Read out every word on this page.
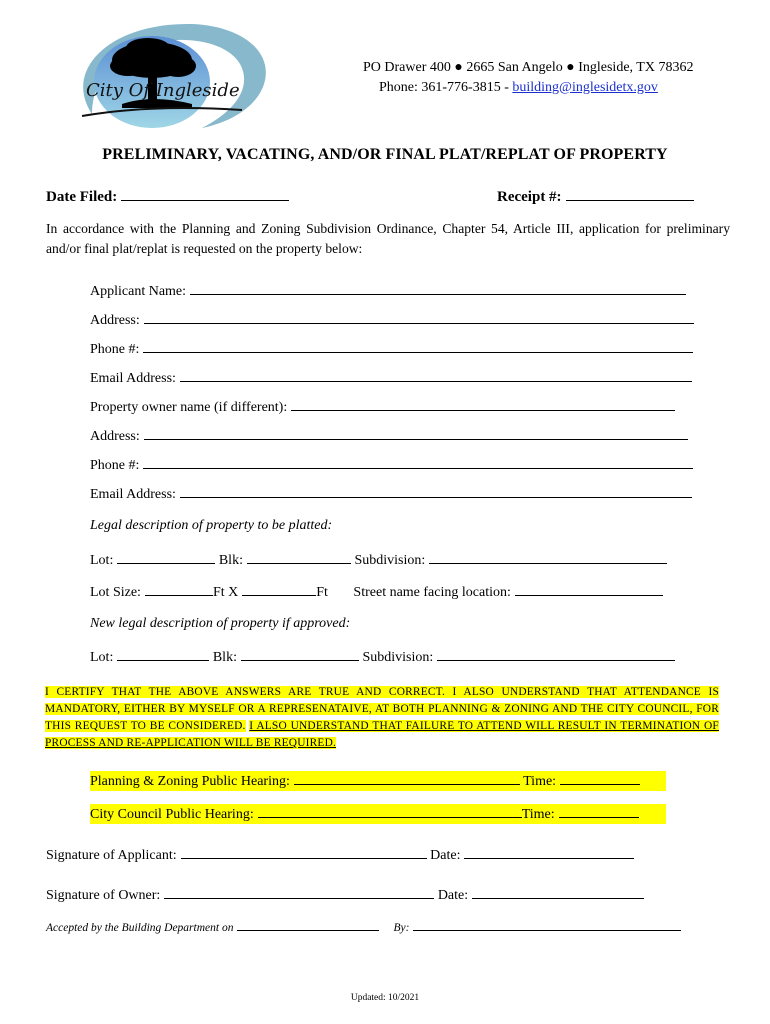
City Of Ingleside
PO Drawer 400 ● 2665 San Angelo ● Ingleside, TX 78362
Phone: 361-776-3815 - building@inglesidetx.gov
PRELIMINARY, VACATING, AND/OR FINAL PLAT/REPLAT OF PROPERTY
Date Filed:	Receipt #:
In accordance with the Planning and Zoning Subdivision Ordinance, Chapter 54, Article III, application for preliminary and/or final plat/replat is requested on the property below:
Applicant Name:
Address:
Phone #:
Email Address:
Property owner name (if different):
Address:
Phone #:
Email Address:
Legal description of property to be platted:
Lot:	Blk:	Subdivision:
Lot Size:	Ft X	Ft Street name facing location:
New legal description of property if approved:
Lot:	Blk:	Subdivision:
I CERTIFY THAT THE ABOVE ANSWERS ARE TRUE AND CORRECT. I ALSO UNDERSTAND THAT ATTENDANCE IS MANDATORY, EITHER BY MYSELF OR A REPRESENATAIVE, AT BOTH PLANNING & ZONING AND THE CITY COUNCIL, FOR THIS REQUEST TO BE CONSIDERED. I ALSO UNDERSTAND THAT FAILURE TO ATTEND WILL RESULT IN TERMINATION OF PROCESS AND RE-APPLICATION WILL BE REQUIRED.
Planning & Zoning Public Hearing:	Time:
City Council Public Hearing:	Time:
Signature of Applicant:	Date:
Signature of Owner:	Date:
Accepted by the Building Department on	By:
Updated: 10/2021
